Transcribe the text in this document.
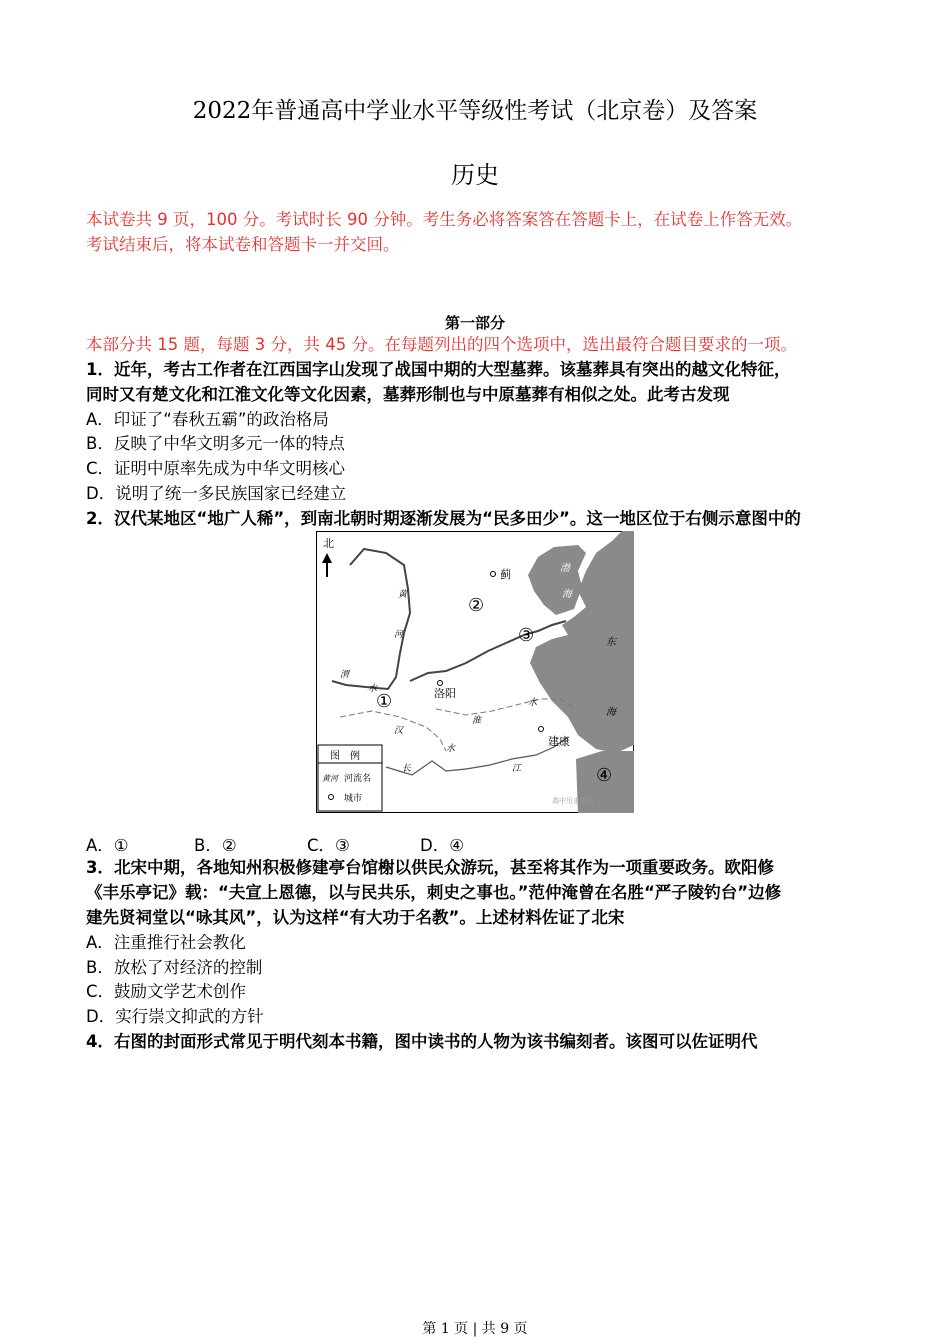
2022年普通高中学业水平等级性考试（北京卷）及答案
历史
本试卷共 9 页，100 分。考试时长 90 分钟。考生务必将答案答在答题卡上，在试卷上作答无效。
考试结束后，将本试卷和答题卡一并交回。
第一部分
本部分共 15 题，每题 3 分，共 45 分。在每题列出的四个选项中，选出最符合题目要求的一项。
1．近年，考古工作者在江西国字山发现了战国中期的大型墓葬。该墓葬具有突出的越文化特征，
同时又有楚文化和江淮文化等文化因素，墓葬形制也与中原墓葬有相似之处。此考古发现
A．印证了“春秋五霸”的政治格局
B．反映了中华文明多元一体的特点
C．证明中原率先成为中华文明核心
D．说明了统一多民族国家已经建立
2．汉代某地区“地广人稀”，到南北朝时期逐渐发展为“民多田少”。这一地区位于右侧示意图中的
北
蓟
洛阳
建康
渤
海
东
海
黄
河
渭
水
水
淮
汉
水
长	江
②
③
①
④
图　例
黄河 河流名
城市	高中历史资料
A．①	B．②	C．③	D．④
3．北宋中期，各地知州积极修建亭台馆榭以供民众游玩，甚至将其作为一项重要政务。欧阳修
《丰乐亭记》载：“夫宣上恩德，以与民共乐，刺史之事也。”范仲淹曾在名胜“严子陵钓台”边修
建先贤祠堂以“咏其风”，认为这样“有大功于名教”。上述材料佐证了北宋
A．注重推行社会教化
B．放松了对经济的控制
C．鼓励文学艺术创作
D．实行崇文抑武的方针
4．右图的封面形式常见于明代刻本书籍，图中读书的人物为该书编刻者。该图可以佐证明代
第 1 页 | 共 9 页
